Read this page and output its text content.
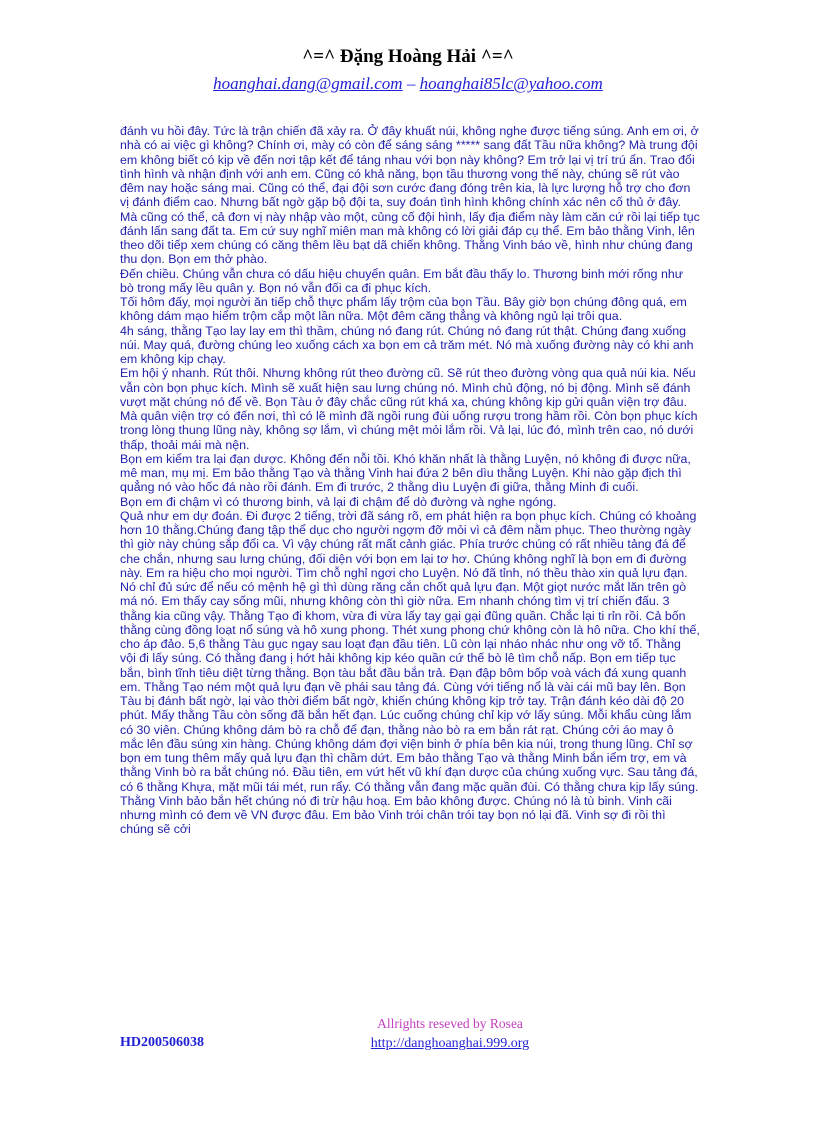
^=^ Đặng Hoàng Hải ^=^
hoanghai.dang@gmail.com – hoanghai85lc@yahoo.com

đánh vu hồi đây. Tức là trận chiến đã xảy ra. Ở đây khuất núi, không nghe được tiếng súng. Anh em ơi, ở nhà có ai việc gì không? Chính ơi, mày có còn để sáng sáng ***** sang đất Tầu nữa không? Mà trung đội em không biết có kịp về đến nơi tập kết để táng nhau với bọn này không? Em trở lại vị trí trú ẩn. Trao đổi tình hình và nhận định với anh em. Cũng có khả năng, bọn tầu thương vong thế này, chúng sẽ rút vào đêm nay hoặc sáng mai. Cũng có thể, đại đội sơn cước đang đóng trên kia, là lực lượng hỗ trợ cho đơn vị đánh điểm cao. Nhưng bất ngờ gặp bộ đội ta, suy đoán tình hình không chính xác nên cố thủ ở đây. Mà cũng có thể, cả đơn vị này nhập vào một, củng cố đội hình, lấy địa điểm này làm căn cứ rồi lại tiếp tục đánh lấn sang đất ta. Em cứ suy nghĩ miên man mà không có lời giải đáp cụ thể. Em bảo thằng Vinh, lên theo dõi tiếp xem chúng có căng thêm lều bạt dã chiến không. Thằng Vinh báo về, hình như chúng đang thu dọn. Bọn em thở phào.

Đến chiều. Chúng vẫn chưa có dấu hiệu chuyển quân. Em bắt đầu thấy lo. Thương binh mới rống như bò trong mấy lều quân y. Bọn nó vẫn đối ca đi phục kích.

Tối hôm đấy, mọi người ăn tiếp chỗ thực phẩm lấy trộm của bọn Tầu. Bây giờ bọn chúng đông quá, em không dám mạo hiểm trộm cắp một lần nữa. Một đêm căng thẳng và không ngủ lại trôi qua.

4h sáng, thằng Tạo lay lay em thì thầm, chúng nó đang rút. Chúng nó đang rút thật. Chúng đang xuống núi. May quá, đường chúng leo xuống cách xa bọn em cả trăm mét. Nó mà xuống đường này có khi anh em không kịp chạy.

Em hội ý nhanh. Rút thôi. Nhưng không rút theo đường cũ. Sẽ rút theo đường vòng qua quả núi kia. Nếu vẫn còn bọn phục kích. Mình sẽ xuất hiện sau lưng chúng nó. Mình chủ động, nó bị động. Mình sẽ đánh vượt mặt chúng nó để về. Bọn Tàu ở đây chắc cũng rút khá xa, chúng không kịp gửi quân viện trợ đâu. Mà quân viện trợ có đến nơi, thì có lẽ mình đã ngồi rung đùi uống rượu trong hầm rồi. Còn bọn phục kích trong lòng thung lũng này, không sợ lắm, vì chúng mệt mỏi lắm rồi. Vả lại, lúc đó, mình trên cao, nó dưới thấp, thoải mái mà nện.

Bọn em kiểm tra lại đạn dược. Không đến nỗi tồi. Khó khăn nhất là thằng Luyện, nó không đi được nữa, mê man, mụ mị. Em bảo thằng Tạo và thằng Vinh hai đứa 2 bên dìu thằng Luyện. Khi nào gặp địch thì quẳng nó vào hốc đá nào rồi đánh. Em đi trước, 2 thằng dìu Luyện đi giữa, thằng Minh đi cuối.

Bọn em đi chậm vì có thương binh, vả lại đi chậm để dò đường và nghe ngóng.

Quả như em dự đoán. Đi được 2 tiếng, trời đã sáng rõ, em phát hiện ra bọn phục kích. Chúng có khoảng hơn 10 thằng.Chúng đang tập thể dục cho người ngợm đỡ mỏi vì cả đêm nằm phục. Theo thường ngày thì giờ này chúng sắp đổi ca. Vì vậy chúng rất mất cảnh giác. Phía trước chúng có rất nhiều tảng đá để che chắn, nhưng sau lưng chúng, đối diện với bọn em lại tơ hơ. Chúng không nghĩ là bọn em đi đường này. Em ra hiệu cho mọi người. Tìm chỗ nghỉ ngơi cho Luyện. Nó đã tỉnh, nó thều thào xin quả lựu đạn. Nó chỉ đủ sức để nếu có mệnh hệ gì thì dùng răng cắn chốt quả lựu đạn. Một giọt nước mắt lăn trên gò má nó. Em thấy cay sống mũi, nhưng không còn thì giờ nữa. Em nhanh chóng tìm vị trí chiến đấu. 3 thằng kia cũng vậy. Thằng Tạo đi khom, vừa đi vừa lấy tay gại gại đũng quần. Chắc lại ti rỉn rồi. Cả bốn thằng cùng đồng loạt nổ súng và hô xung phong. Thét xung phong chứ không còn là hô nữa. Cho khí thế, cho áp đảo. 5,6 thằng Tàu gục ngay sau loạt đạn đầu tiên. Lũ còn lại nháo nhác như ong vỡ tổ. Thằng vội đi lấy súng. Có thằng đang ị hớt hải không kịp kéo quần cứ thế bò lê tìm chỗ nấp. Bọn em tiếp tục bắn, bình tĩnh tiêu diệt từng thằng. Bọn tàu bắt đầu bắn trả. Đạn đập bôm bốp voà vách đá xung quanh em. Thằng Tạo ném một quả lựu đạn về phái sau tảng đá. Cùng với tiếng nổ là vài cái mũ bay lên. Bọn Tàu bị đánh bất ngờ, lại vào thời điểm bất ngờ, khiến chúng không kịp trở tay. Trận đánh kéo dài độ 20 phút. Mấy thằng Tầu còn sống đã bắn hết đạn. Lúc cuống chúng chỉ kịp vớ lấy súng. Mỗi khẩu cùng lắm có 30 viên. Chúng không dám bò ra chỗ để đạn, thằng nào bò ra em bắn rát rạt. Chúng cởi áo may ô mắc lên đầu súng xin hàng. Chúng không dám đợi viện binh ở phía bên kia núi, trong thung lũng. Chỉ sợ bọn em tung thêm mấy quả lựu đạn thì chầm dứt. Em bảo thằng Tạo và thằng Minh bắn iểm trợ, em và thằng Vinh bò ra bắt chúng nó. Đầu tiên, em vứt hết vũ khí đạn dược của chúng xuống vực. Sau tảng đá, có 6 thằng Khựa, mặt mũi tái mét, run rẩy. Có thằng vẫn đang mặc quần đùi. Có thằng chưa kịp lấy súng. Thằng Vinh bảo bắn hết chúng nó đi trừ hậu hoạ. Em bảo không được. Chúng nó là tù binh. Vinh cãi nhưng mình có đem về VN được đâu. Em bảo Vinh trói chân trói tay bọn nó lại đã. Vinh sợ đi rồi thì chúng sẽ cởi

Allrights reseved by Rosea
HD200506038	http://danghoanghai.999.org
